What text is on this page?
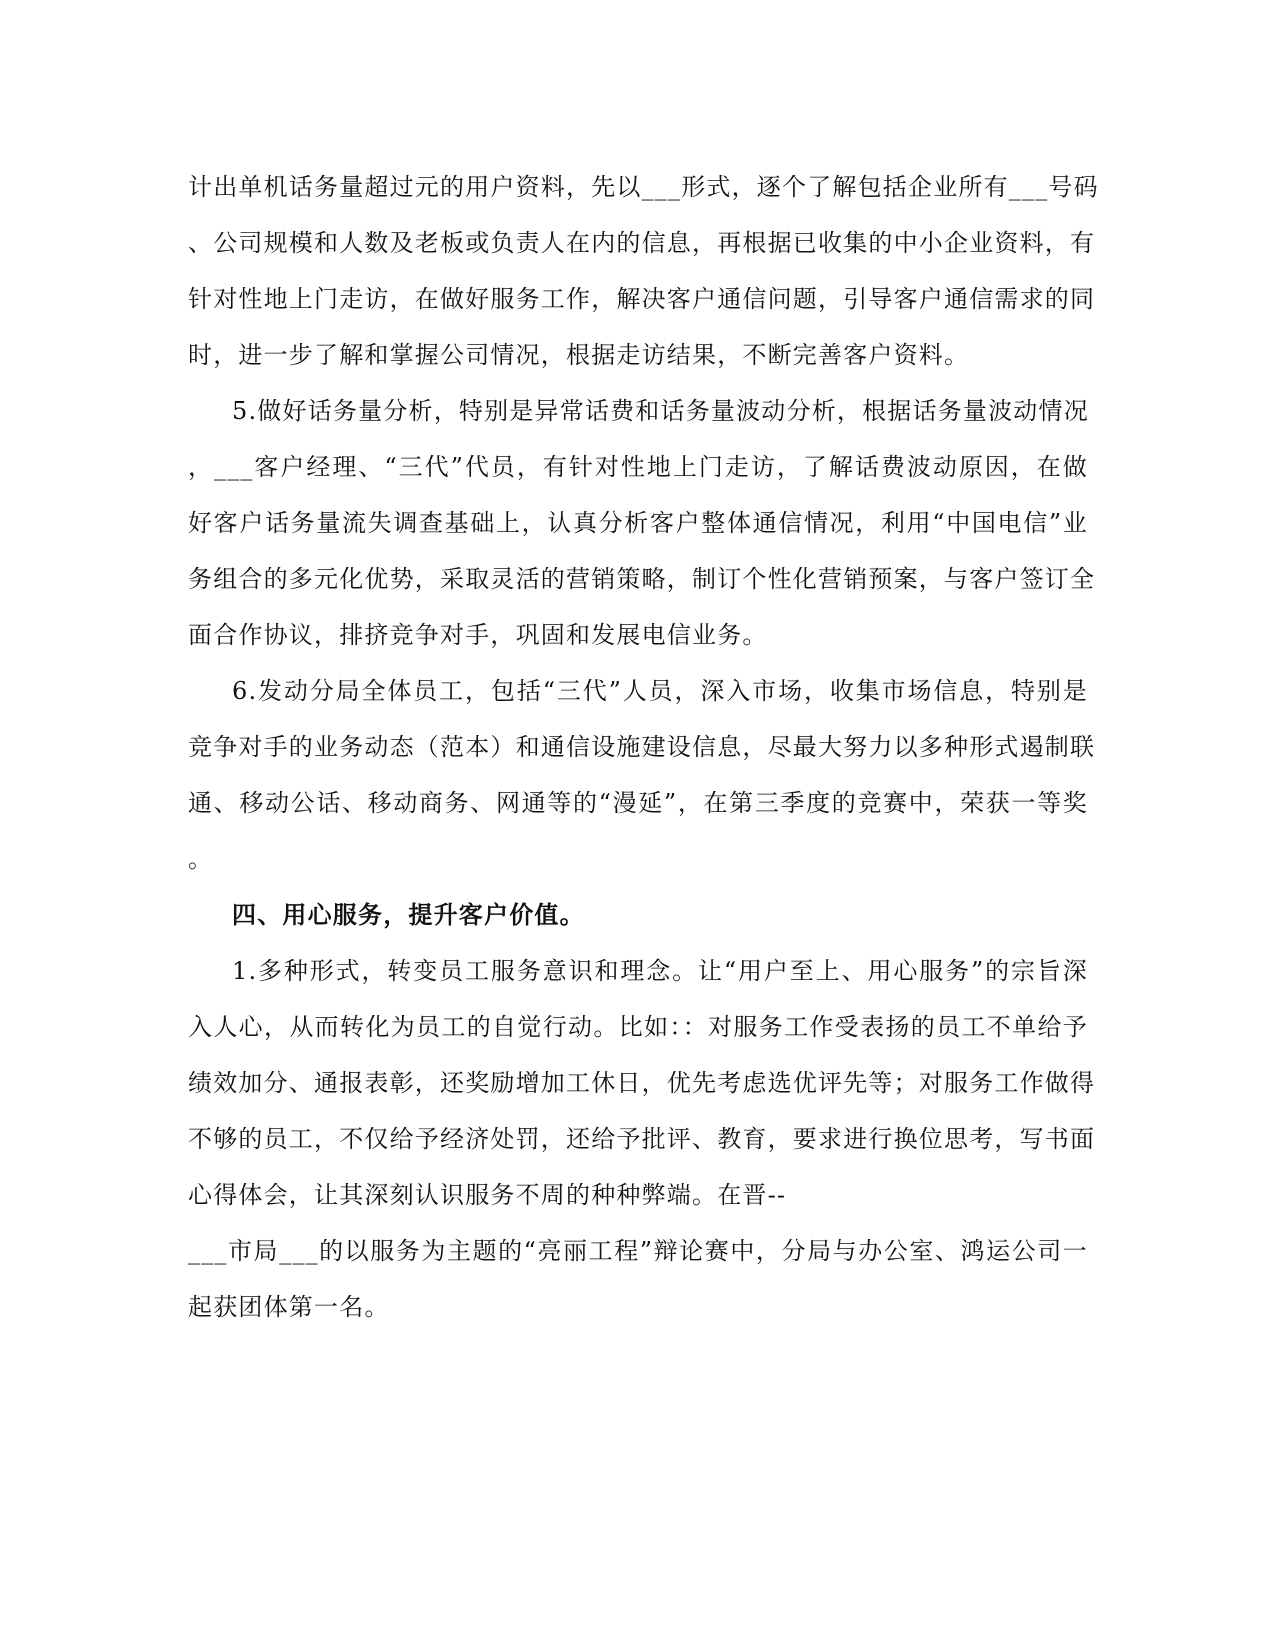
计出单机话务量超过元的用户资料，先以___形式，逐个了解包括企业所有___号码
、公司规模和人数及老板或负责人在内的信息，再根据已收集的中小企业资料，有
针对性地上门走访，在做好服务工作，解决客户通信问题，引导客户通信需求的同
时，进一步了解和掌握公司情况，根据走访结果，不断完善客户资料。
5.做好话务量分析，特别是异常话费和话务量波动分析，根据话务量波动情况
，___客户经理、“三代”代员，有针对性地上门走访，了解话费波动原因，在做
好客户话务量流失调查基础上，认真分析客户整体通信情况，利用“中国电信”业
务组合的多元化优势，采取灵活的营销策略，制订个性化营销预案，与客户签订全
面合作协议，排挤竞争对手，巩固和发展电信业务。
6.发动分局全体员工，包括“三代”人员，深入市场，收集市场信息，特别是
竞争对手的业务动态（范本）和通信设施建设信息，尽最大努力以多种形式遏制联
通、移动公话、移动商务、网通等的“漫延”，在第三季度的竞赛中，荣获一等奖
。
四、用心服务，提升客户价值。
1.多种形式，转变员工服务意识和理念。让“用户至上、用心服务”的宗旨深
入人心，从而转化为员工的自觉行动。比如：：对服务工作受表扬的员工不单给予
绩效加分、通报表彰，还奖励增加工休日，优先考虑选优评先等；对服务工作做得
不够的员工，不仅给予经济处罚，还给予批评、教育，要求进行换位思考，写书面
心得体会，让其深刻认识服务不周的种种弊端。在晋--
___市局___的以服务为主题的“亮丽工程”辩论赛中，分局与办公室、鸿运公司一
起获团体第一名。
